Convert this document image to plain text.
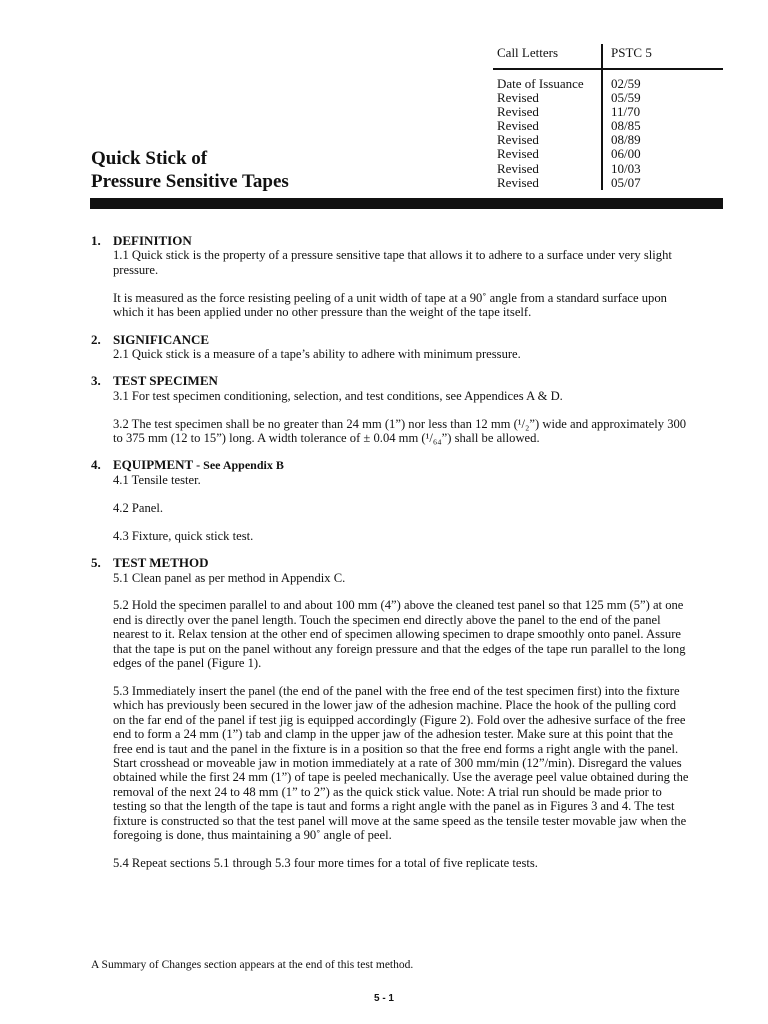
Call Letters	PSTC 5
Date of Issuance
Revised
Revised
Revised
Revised
Revised
Revised
Revised
02/59
05/59
11/70
08/85
08/89
06/00
10/03
05/07
Quick Stick of
Pressure Sensitive Tapes
1. DEFINITION
1.1 Quick stick is the property of a pressure sensitive tape that allows it to adhere to a surface under very slight pressure.
It is measured as the force resisting peeling of a unit width of tape at a 90˚ angle from a standard surface upon which it has been applied under no other pressure than the weight of the tape itself.
2. SIGNIFICANCE
2.1 Quick stick is a measure of a tape’s ability to adhere with minimum pressure.
3. TEST SPECIMEN
3.1 For test specimen conditioning, selection, and test conditions, see Appendices A & D.
3.2 The test specimen shall be no greater than 24 mm (1”) nor less than 12 mm (¹/₂”) wide and approximately 300 to 375 mm (12 to 15”) long. A width tolerance of ± 0.04 mm (¹/₆₄”) shall be allowed.
4. EQUIPMENT - See Appendix B
4.1 Tensile tester.
4.2 Panel.
4.3 Fixture, quick stick test.
5. TEST METHOD
5.1 Clean panel as per method in Appendix C.
5.2 Hold the specimen parallel to and about 100 mm (4”) above the cleaned test panel so that 125 mm (5”) at one end is directly over the panel length. Touch the specimen end directly above the panel to the end of the panel nearest to it. Relax tension at the other end of specimen allowing specimen to drape smoothly onto panel. Assure that the tape is put on the panel without any foreign pressure and that the edges of the tape run parallel to the long edges of the panel (Figure 1).
5.3 Immediately insert the panel (the end of the panel with the free end of the test specimen first) into the fixture which has previously been secured in the lower jaw of the adhesion machine. Place the hook of the pulling cord on the far end of the panel if test jig is equipped accordingly (Figure 2). Fold over the adhesive surface of the free end to form a 24 mm (1”) tab and clamp in the upper jaw of the adhesion tester. Make sure at this point that the free end is taut and the panel in the fixture is in a position so that the free end forms a right angle with the panel. Start crosshead or moveable jaw in motion immediately at a rate of 300 mm/min (12”/min). Disregard the values obtained while the first 24 mm (1”) of tape is peeled mechanically. Use the average peel value obtained during the removal of the next 24 to 48 mm (1” to 2”) as the quick stick value. Note: A trial run should be made prior to testing so that the length of the tape is taut and forms a right angle with the panel as in Figures 3 and 4. The test fixture is constructed so that the test panel will move at the same speed as the tensile tester movable jaw when the foregoing is done, thus maintaining a 90˚ angle of peel.
5.4 Repeat sections 5.1 through 5.3 four more times for a total of five replicate tests.
A Summary of Changes section appears at the end of this test method.
5 - 1
